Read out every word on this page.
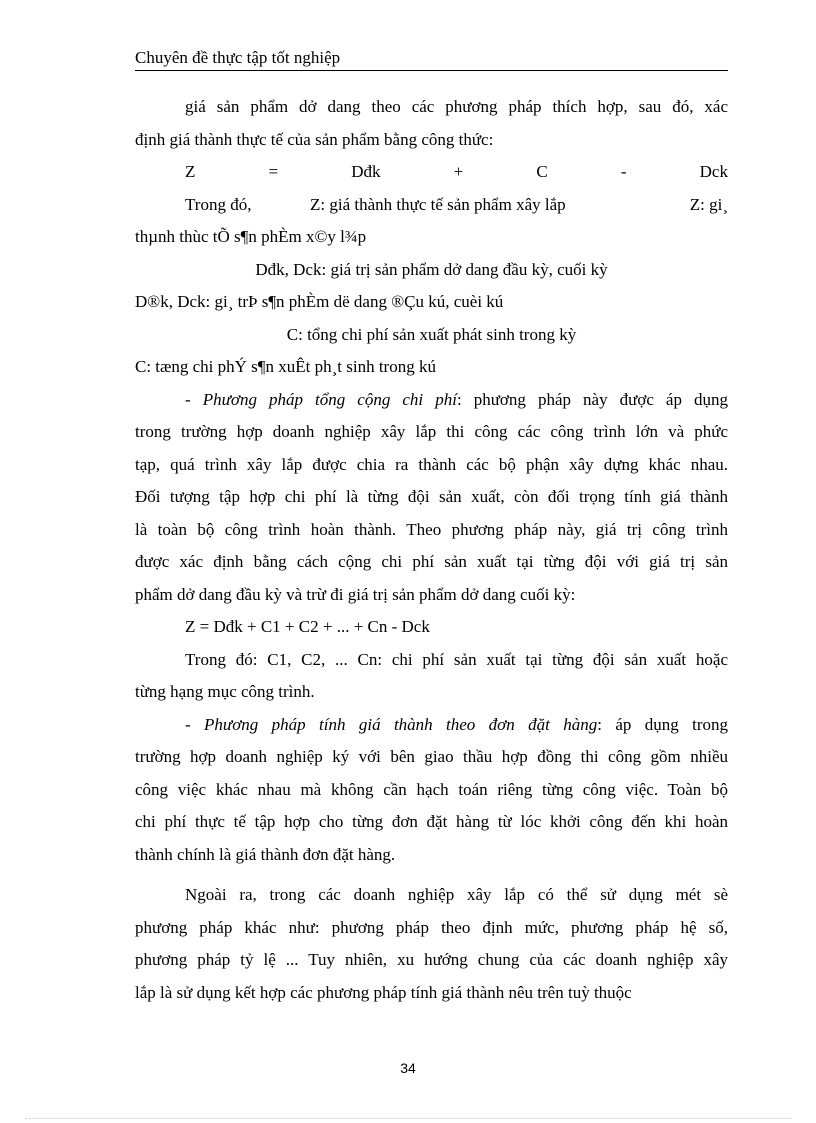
Chuyên đề thực tập tốt nghiệp
giá sản phẩm dở dang theo các phương pháp thích hợp, sau đó, xác
định giá thành thực tế của sản phẩm bằng công thức:
Z	=	Dđk	+	C	-	Dck
Trong đó,	Z: giá thành thực tế sản phẩm xây lắp	Z: gi¸
thµnh thùc tÕ s¶n phÈm x©y l¾p
Dđk, Dck: giá trị sản phẩm dở dang đầu kỳ, cuối kỳ
D®k, Dck: gi¸ trÞ s¶n phÈm dë dang ®Çu kú, cuèi kú
C: tổng chi phí sản xuất phát sinh trong kỳ
C: tæng chi phÝ s¶n xuÊt ph¸t sinh trong kú
- Phương pháp tổng cộng chi phí: phương pháp này được áp dụng
trong trường hợp doanh nghiệp xây lắp thi công các công trình lớn và phức
tạp, quá trình xây lắp được chia ra thành các bộ phận xây dựng khác nhau.
Đối tượng tập hợp chi phí là từng đội sản xuất, còn đối trọng tính giá thành
là toàn bộ công trình hoàn thành. Theo phương pháp này, giá trị công trình
được xác định bằng cách cộng chi phí sản xuất tại từng đội với giá trị sản
phẩm dở dang đầu kỳ và trừ đi giá trị sản phẩm dở dang cuối kỳ:
Z = Dđk + C1 + C2 + ... + Cn - Dck
Trong đó: C1, C2, ... Cn: chi phí sản xuất tại từng đội sản xuất hoặc
từng hạng mục công trình.
- Phương pháp tính giá thành theo đơn đặt hàng: áp dụng trong
trường hợp doanh nghiệp ký với bên giao thầu hợp đồng thi công gồm nhiều
công việc khác nhau mà không cần hạch toán riêng từng công việc. Toàn bộ
chi phí thực tế tập hợp cho từng đơn đặt hàng từ lóc khởi công đến khi hoàn
thành chính là giá thành đơn đặt hàng.
Ngoài ra, trong các doanh nghiệp xây lắp có thể sử dụng mét sè
phương pháp khác như: phương pháp theo định mức, phương pháp hệ số,
phương pháp tỷ lệ ... Tuy nhiên, xu hướng chung của các doanh nghiệp xây
lắp là sử dụng kết hợp các phương pháp tính giá thành nêu trên tuỳ thuộc
34
